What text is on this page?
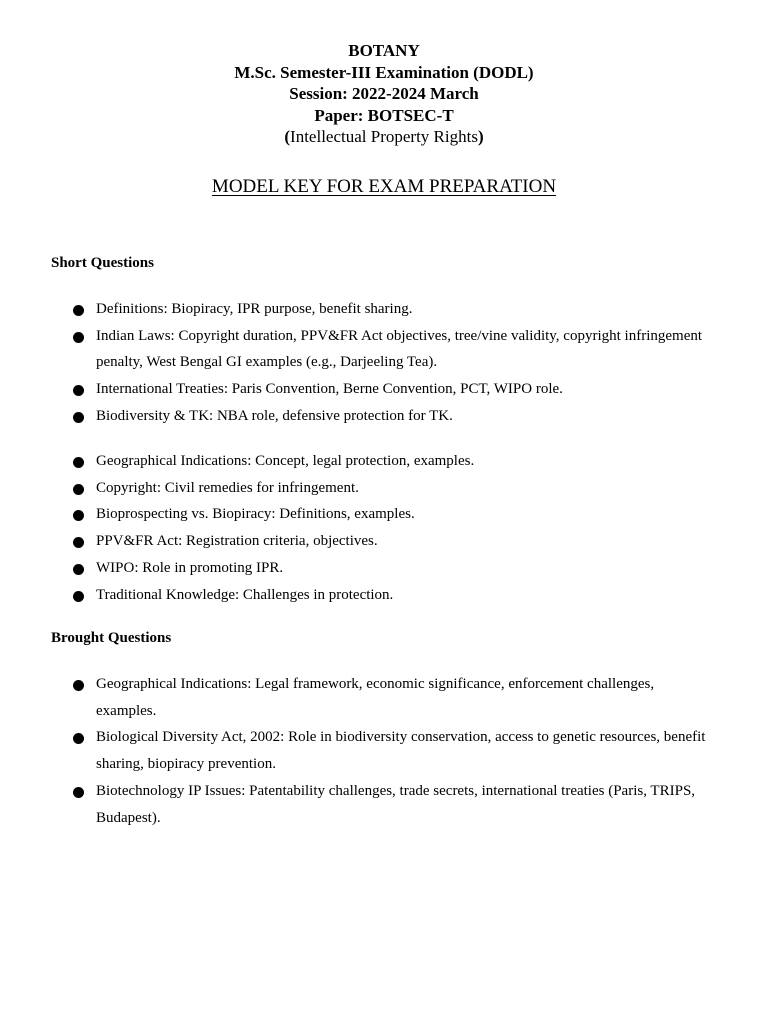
BOTANY
M.Sc. Semester-III Examination (DODL)
Session: 2022-2024 March
Paper: BOTSEC-T
(Intellectual Property Rights)
MODEL KEY FOR EXAM PREPARATION
Short Questions
Definitions: Biopiracy, IPR purpose, benefit sharing.
Indian Laws: Copyright duration, PPV&FR Act objectives, tree/vine validity, copyright infringement penalty, West Bengal GI examples (e.g., Darjeeling Tea).
International Treaties: Paris Convention, Berne Convention, PCT, WIPO role.
Biodiversity & TK: NBA role, defensive protection for TK.
Geographical Indications: Concept, legal protection, examples.
Copyright: Civil remedies for infringement.
Bioprospecting vs. Biopiracy: Definitions, examples.
PPV&FR Act: Registration criteria, objectives.
WIPO: Role in promoting IPR.
Traditional Knowledge: Challenges in protection.
Brought Questions
Geographical Indications: Legal framework, economic significance, enforcement challenges, examples.
Biological Diversity Act, 2002: Role in biodiversity conservation, access to genetic resources, benefit sharing, biopiracy prevention.
Biotechnology IP Issues: Patentability challenges, trade secrets, international treaties (Paris, TRIPS, Budapest).
